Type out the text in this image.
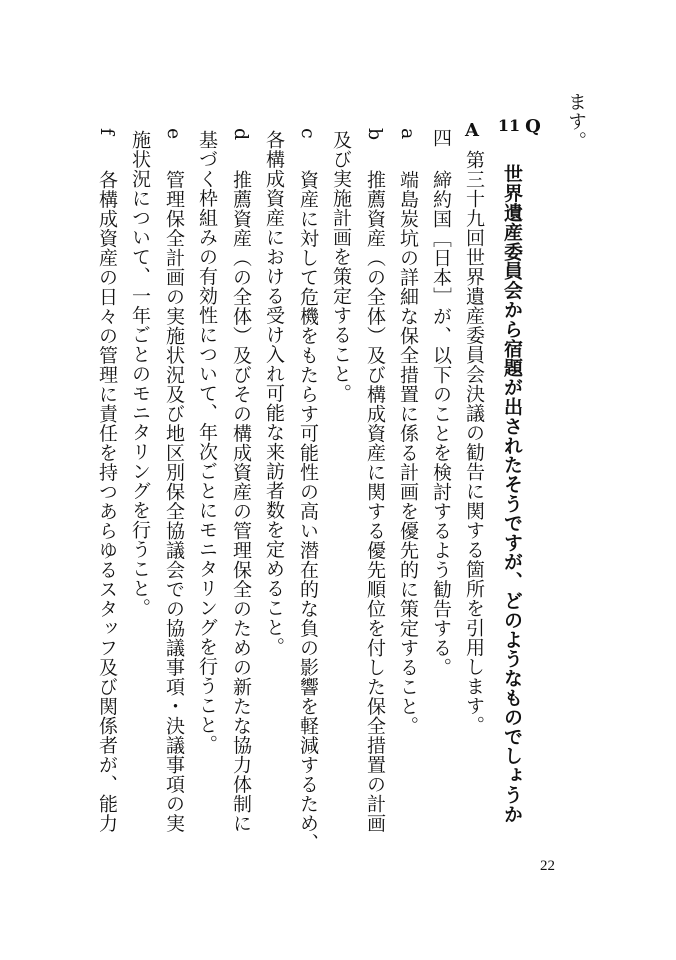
ます。
Q
11
世界遺産委員会から宿題が出されたそうですが、どのようなものでしょうか
A
第三十九回世界遺産委員会決議の勧告に関する箇所を引用します。
四
締約国［日本］が、以下のことを検討するよう勧告する。
a
端島炭坑の詳細な保全措置に係る計画を優先的に策定すること。
b
推薦資産（の全体）及び構成資産に関する優先順位を付した保全措置の計画
及び実施計画を策定すること。
c
資産に対して危機をもたらす可能性の高い潜在的な負の影響を軽減するため、
各構成資産における受け入れ可能な来訪者数を定めること。
d
推薦資産（の全体）及びその構成資産の管理保全のための新たな協力体制に
基づく枠組みの有効性について、年次ごとにモニタリングを行うこと。
e
管理保全計画の実施状況及び地区別保全協議会での協議事項・決議事項の実
施状況について、一年ごとのモニタリングを行うこと。
f
各構成資産の日々の管理に責任を持つあらゆるスタッフ及び関係者が、能力
22
